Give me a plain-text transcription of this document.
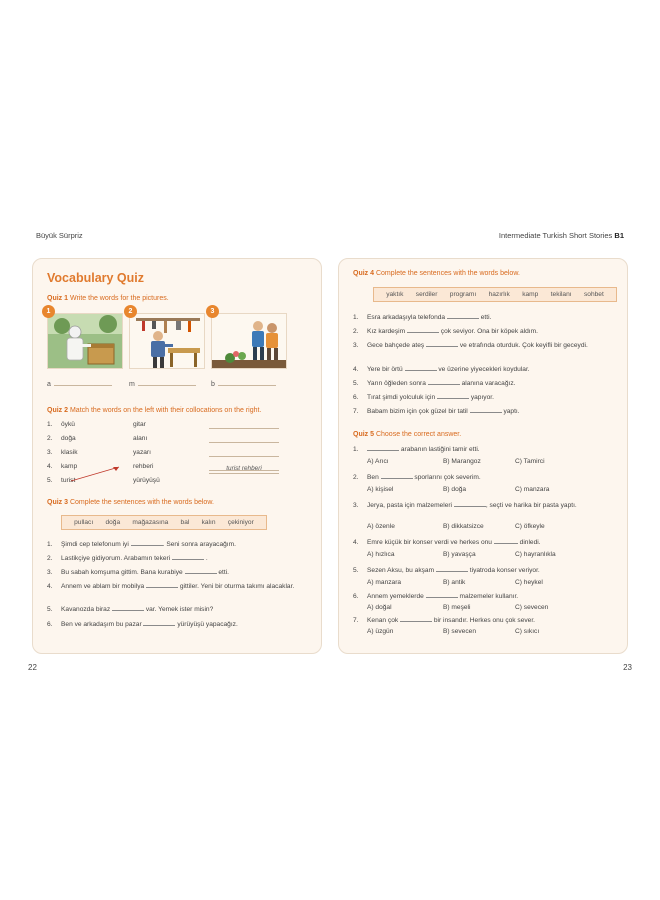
Büyük Sürpriz	Intermediate Turkish Short Stories B1
Vocabulary Quiz
Quiz 1 Write the words for the pictures.
1	2	3
a	m	b
Quiz 2 Match the words on the left with their collocations on the right.
1. öykü	gitar
2. doğa	alanı
3. klasik	yazarı
4. kamp	rehberi
5. turist	yürüyüşü
turist rehberi
Quiz 3 Complete the sentences with the words below.
pullacı doğa mağazasına bal kalın çekiniyor
1. Şimdi cep telefonum iyi	. Seni sonra arayacağım.
2. Lastikçiye gidiyorum. Arabamın tekeri	.
3. Bu sabah komşuma gittim. Bana kurabiye	etti.
4. Annem ve ablam bir mobilya	gittiler. Yeni bir oturma takımı alacaklar.
5. Kavanozda biraz	var. Yemek ister misin?
6. Ben ve arkadaşım bu pazar	yürüyüşü yapacağız.
Quiz 4 Complete the sentences with the words below.
yaktık serdiler programı hazırlık kamp tekilanı sohbet
1. Esra arkadaşıyla telefonda	etti.
2. Kız kardeşim	çok seviyor. Ona bir köpek aldım.
3. Gece bahçede ateş	ve etrafında oturduk. Çok keyifli bir geceydi.
4. Yere bir örtü	ve üzerine yiyecekleri koydular.
5. Yarın öğleden sonra	alanına varacağız.
6. Tırat şimdi yolculuk için	yapıyor.
7. Babam bizim için çok güzel bir tatil	yaptı.
Quiz 5 Choose the correct answer.
1.	arabanın lastiğini tamir etti.
A) Arıcı	B) Marangoz	C) Tamirci
2. Ben	sporlarını çok severim.
A) kişisel	B) doğa	C) manzara
3. Jerya, pasta için malzemeleri	, seçti ve harika bir pasta yaptı.
A) özenle	B) dikkatsizce	C) öfkeyle
4. Emre küçük bir konser verdi ve herkes onu	dinledi.
A) hızlıca	B) yavaşça	C) hayranlıkla
5. Sezen Aksu, bu akşam	tiyatroda konser veriyor.
A) manzara	B) antik	C) heykel
6. Annem yemeklerde	malzemeler kullanır.
A) doğal	B) meşeli	C) sevecen
7. Kenan çok	bir insandır. Herkes onu çok sever.
A) üzgün	B) sevecen	C) sıkıcı
22	23
